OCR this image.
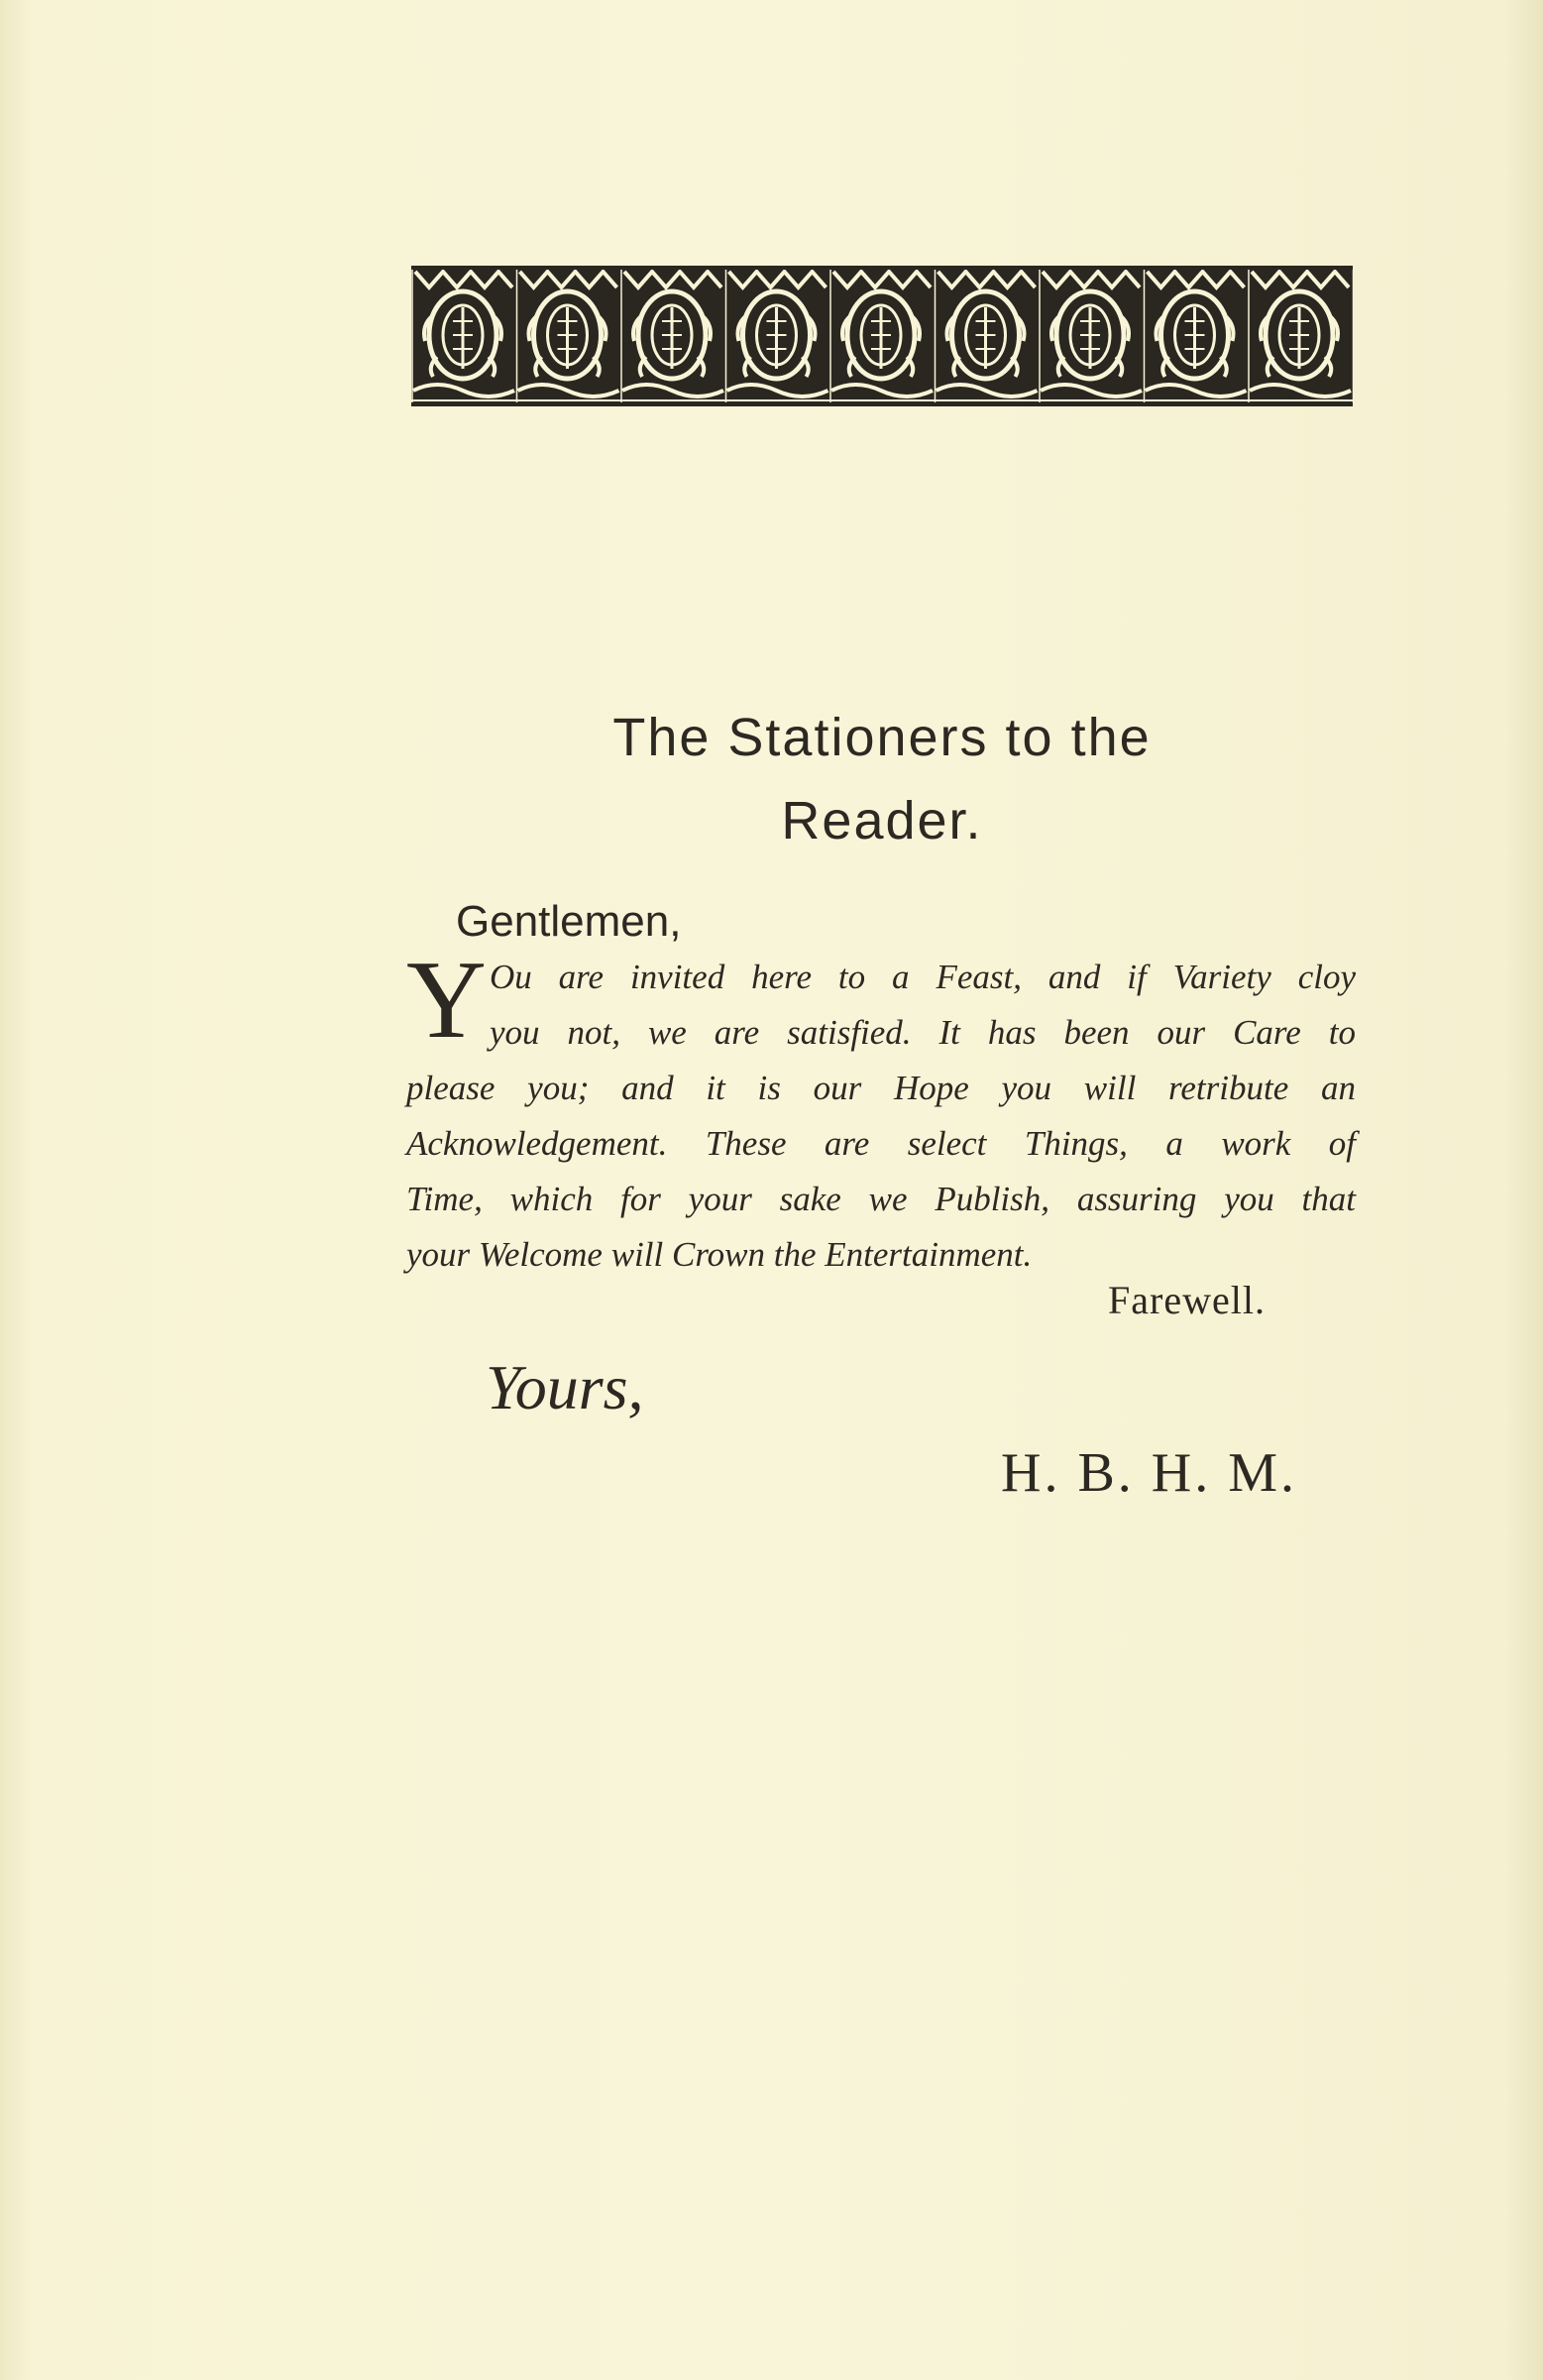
The Stationers to the
Reader.
Gentlemen,
Y Ou are invited here to a Feast, and if Variety cloy
you not, we are satisfied. It has been our Care to
please you; and it is our Hope you will retribute an
Acknowledgement. These are select Things, a work of
Time, which for your sake we Publish, assuring you that
your Welcome will Crown the Entertainment.
Farewell.
Yours,
H. B. H. M.
